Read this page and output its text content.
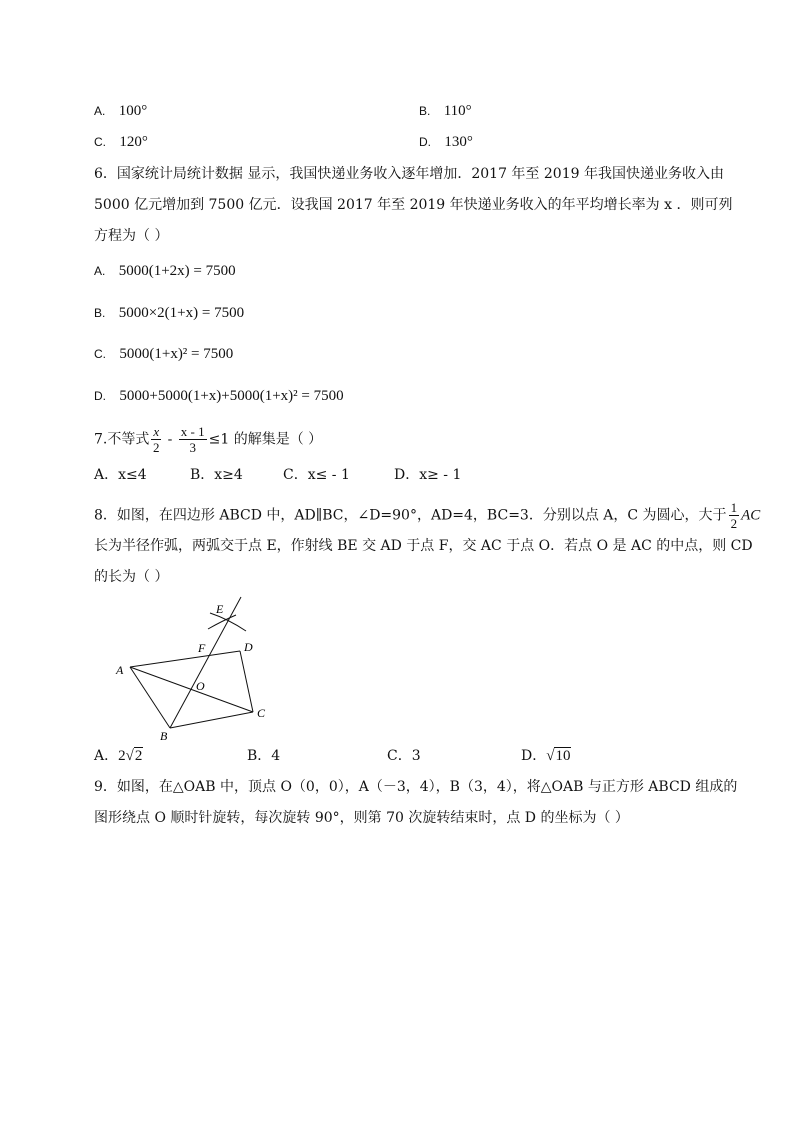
A. 100°	B. 110°
C. 120°	D. 130°
6．国家统计局统计数据 显示，我国快递业务收入逐年增加．2017 年至 2019 年我国快递业务收入由
5000 亿元增加到 7500 亿元．设我国 2017 年至 2019 年快递业务收入的年平均增长率为 x ．则可列
方程为（ ）
A. 5000(1+2x) = 7500
B. 5000×2(1+x) = 7500
C. 5000(1+x)² = 7500
D. 5000+5000(1+x)+5000(1+x)² = 7500
7.不等式 $\frac{x}{2} - \frac{x - 1}{3} \le 1$ 的解集是（ ）
A．x≤4	B．x≥4	C．x≤ - 1	D．x≥ - 1
8．如图，在四边形 ABCD 中，AD∥BC，∠D=90°，AD=4，BC=3．分别以点 A，C 为圆心，大于 $\frac{1}{2}$ AC
长为半径作弧，两弧交于点 E，作射线 BE 交 AD 于点 F，交 AC 于点 O．若点 O 是 AC 的中点，则 CD
的长为（ ）
E
F	D
A
O
B
C
A．2√2	B．4	C．3	D．√10
9．如图，在△OAB 中，顶点 O（0，0），A（－3，4），B（3，4），将△OAB 与正方形 ABCD 组成的
图形绕点 O 顺时针旋转，每次旋转 90°，则第 70 次旋转结束时，点 D 的坐标为（ ）
